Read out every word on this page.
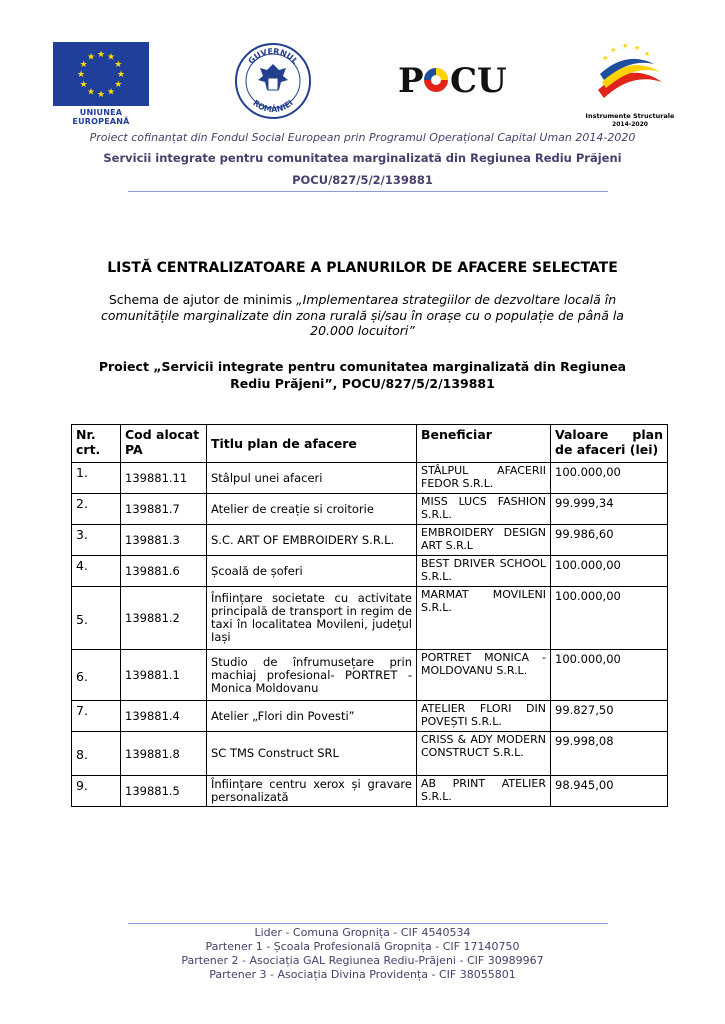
★ ★
★
★
★
★
★
★
★
★
★
★
UNIUNEA EUROPEANĂ
GUVERNUL
ROMÂNIEI
P CU
★ ★ ★
★
★
Instrumente Structurale
2014-2020
Proiect cofinanțat din Fondul Social European prin Programul Operațional Capital Uman 2014-2020
Servicii integrate pentru comunitatea marginalizată din Regiunea Rediu Prăjeni
POCU/827/5/2/139881
LISTĂ CENTRALIZATOARE A PLANURILOR DE AFACERE SELECTATE
Schema de ajutor de minimis „Implementarea strategiilor de dezvoltare locală în comunitățile marginalizate din zona rurală și/sau în orașe cu o populație de până la 20.000 locuitori”
Proiect „Servicii integrate pentru comunitatea marginalizată din Regiunea Rediu Prăjeni”, POCU/827/5/2/139881
Nr. crt.	Cod alocat PA	Titlu plan de afacere	Beneficiar	Valoare plan de afaceri (lei)
1.	139881.11	Stâlpul unei afaceri	STÂLPUL AFACERII FEDOR S.R.L.	100.000,00
2.	139881.7	Atelier de creație si croitorie	MISS LUCS FASHION S.R.L.	99.999,34
3.	139881.3	S.C. ART OF EMBROIDERY S.R.L.	EMBROIDERY DESIGN ART S.R.L	99.986,60
4.	139881.6	Școală de șoferi	BEST DRIVER SCHOOL S.R.L.	100.000,00
5.	139881.2	Înființare societate cu activitate principală de transport in regim de taxi în localitatea Movileni, județul Iași	MARMAT MOVILENI S.R.L.	100.000,00
6.	139881.1	Studio de înfrumusețare prin machiaj profesional- PORTRET - Monica Moldovanu	PORTRET MONICA - MOLDOVANU S.R.L.	100.000,00
7.	139881.4	Atelier „Flori din Povesti”	ATELIER FLORI DIN POVEȘTI S.R.L.	99.827,50
8.	139881.8	SC TMS Construct SRL	CRISS & ADY MODERN CONSTRUCT S.R.L.	99.998,08
9.	139881.5	Înființare centru xerox și gravare personalizată	AB PRINT ATELIER S.R.L.	98.945,00
Lider - Comuna Gropnița - CIF 4540534
Partener 1 - Școala Profesională Gropnița - CIF 17140750
Partener 2 - Asociația GAL Regiunea Rediu-Prăjeni - CIF 30989967
Partener 3 - Asociația Divina Providența - CIF 38055801
